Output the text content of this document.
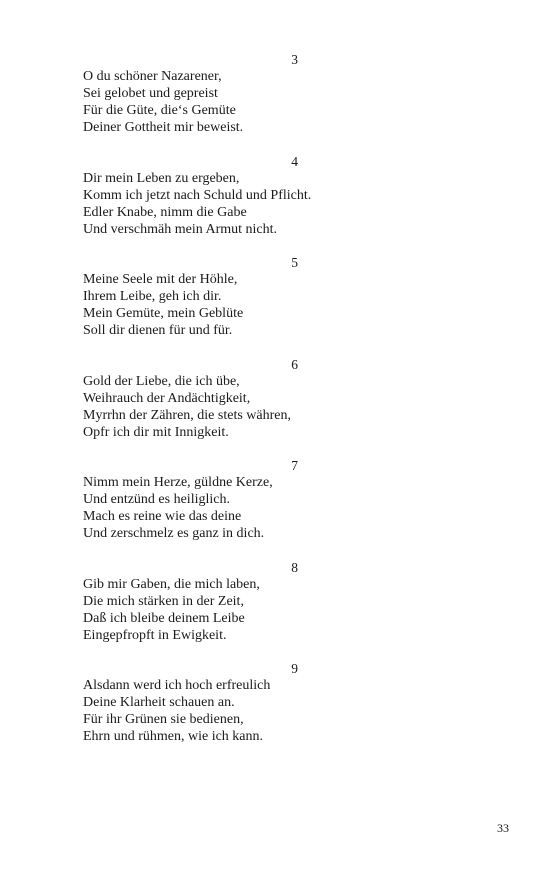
3

O du schöner Nazarener,

Sei gelobet und gepreist

Für die Güte, die‘s Gemüte

Deiner Gottheit mir beweist.

4

Dir mein Leben zu ergeben,

Komm ich jetzt nach Schuld und Pflicht.

Edler Knabe, nimm die Gabe

Und verschmäh mein Armut nicht.

5

Meine Seele mit der Höhle,

Ihrem Leibe, geh ich dir.

Mein Gemüte, mein Geblüte

Soll dir dienen für und für.

6

Gold der Liebe, die ich übe,

Weihrauch der Andächtigkeit,

Myrrhn der Zähren, die stets währen,

Opfr ich dir mit Innigkeit.

7

Nimm mein Herze, güldne Kerze,

Und entzünd es heiliglich.

Mach es reine wie das deine

Und zerschmelz es ganz in dich.

8

Gib mir Gaben, die mich laben,

Die mich stärken in der Zeit,

Daß ich bleibe deinem Leibe

Eingepfropft in Ewigkeit.

9

Alsdann werd ich hoch erfreulich

Deine Klarheit schauen an.

Für ihr Grünen sie bedienen,

Ehrn und rühmen, wie ich kann.

33
